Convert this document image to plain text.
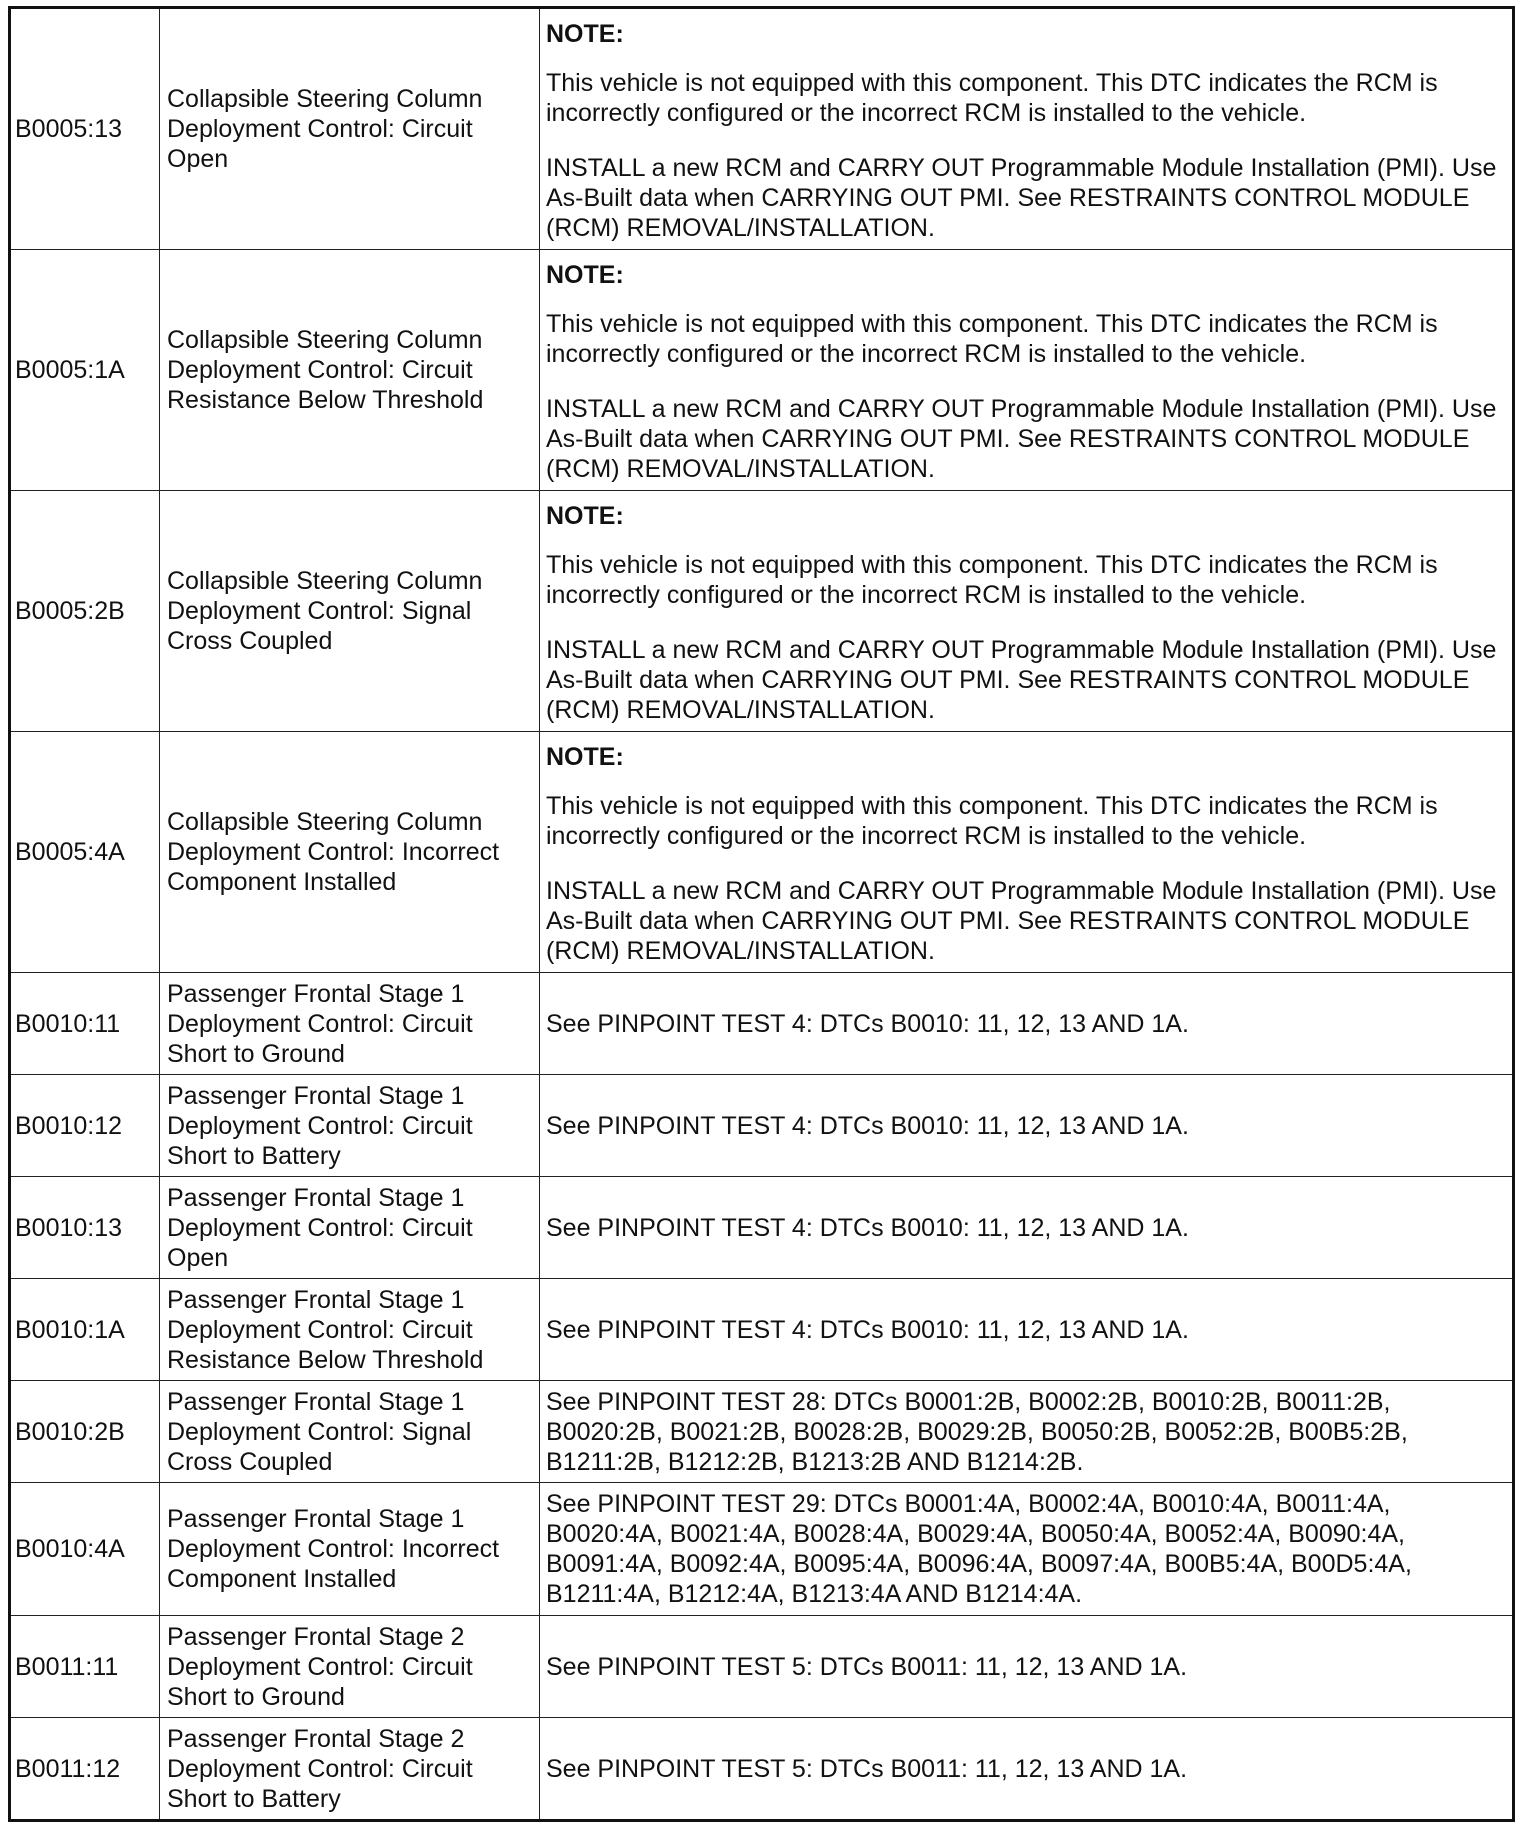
B0005:13	Collapsible Steering Column Deployment Control: Circuit Open	NOTE:
This vehicle is not equipped with this component. This DTC indicates the RCM is incorrectly configured or the incorrect RCM is installed to the vehicle.
INSTALL a new RCM and CARRY OUT Programmable Module Installation (PMI). Use As-Built data when CARRYING OUT PMI. See RESTRAINTS CONTROL MODULE (RCM) REMOVAL/INSTALLATION.

B0005:1A	Collapsible Steering Column Deployment Control: Circuit Resistance Below Threshold	NOTE:
This vehicle is not equipped with this component. This DTC indicates the RCM is incorrectly configured or the incorrect RCM is installed to the vehicle.
INSTALL a new RCM and CARRY OUT Programmable Module Installation (PMI). Use As-Built data when CARRYING OUT PMI. See RESTRAINTS CONTROL MODULE (RCM) REMOVAL/INSTALLATION.

B0005:2B	Collapsible Steering Column Deployment Control: Signal Cross Coupled	NOTE:
This vehicle is not equipped with this component. This DTC indicates the RCM is incorrectly configured or the incorrect RCM is installed to the vehicle.
INSTALL a new RCM and CARRY OUT Programmable Module Installation (PMI). Use As-Built data when CARRYING OUT PMI. See RESTRAINTS CONTROL MODULE (RCM) REMOVAL/INSTALLATION.

B0005:4A	Collapsible Steering Column Deployment Control: Incorrect Component Installed	NOTE:
This vehicle is not equipped with this component. This DTC indicates the RCM is incorrectly configured or the incorrect RCM is installed to the vehicle.
INSTALL a new RCM and CARRY OUT Programmable Module Installation (PMI). Use As-Built data when CARRYING OUT PMI. See RESTRAINTS CONTROL MODULE (RCM) REMOVAL/INSTALLATION.

B0010:11	Passenger Frontal Stage 1 Deployment Control: Circuit Short to Ground	See PINPOINT TEST 4: DTCs B0010: 11, 12, 13 AND 1A.
B0010:12	Passenger Frontal Stage 1 Deployment Control: Circuit Short to Battery	See PINPOINT TEST 4: DTCs B0010: 11, 12, 13 AND 1A.
B0010:13	Passenger Frontal Stage 1 Deployment Control: Circuit Open	See PINPOINT TEST 4: DTCs B0010: 11, 12, 13 AND 1A.
B0010:1A	Passenger Frontal Stage 1 Deployment Control: Circuit Resistance Below Threshold	See PINPOINT TEST 4: DTCs B0010: 11, 12, 13 AND 1A.
B0010:2B	Passenger Frontal Stage 1 Deployment Control: Signal Cross Coupled	See PINPOINT TEST 28: DTCs B0001:2B, B0002:2B, B0010:2B, B0011:2B, B0020:2B, B0021:2B, B0028:2B, B0029:2B, B0050:2B, B0052:2B, B00B5:2B, B1211:2B, B1212:2B, B1213:2B AND B1214:2B.
B0010:4A	Passenger Frontal Stage 1 Deployment Control: Incorrect Component Installed	See PINPOINT TEST 29: DTCs B0001:4A, B0002:4A, B0010:4A, B0011:4A, B0020:4A, B0021:4A, B0028:4A, B0029:4A, B0050:4A, B0052:4A, B0090:4A, B0091:4A, B0092:4A, B0095:4A, B0096:4A, B0097:4A, B00B5:4A, B00D5:4A, B1211:4A, B1212:4A, B1213:4A AND B1214:4A.
B0011:11	Passenger Frontal Stage 2 Deployment Control: Circuit Short to Ground	See PINPOINT TEST 5: DTCs B0011: 11, 12, 13 AND 1A.
B0011:12	Passenger Frontal Stage 2 Deployment Control: Circuit Short to Battery	See PINPOINT TEST 5: DTCs B0011: 11, 12, 13 AND 1A.
